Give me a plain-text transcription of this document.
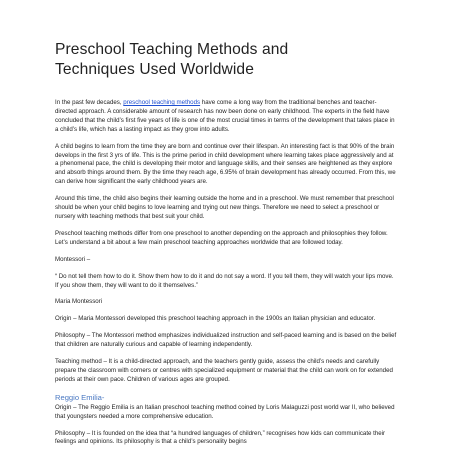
Preschool Teaching Methods and
Techniques Used Worldwide

In the past few decades, preschool teaching methods have come a long way from the traditional benches and teacher-directed approach. A considerable amount of research has now been done on early childhood. The experts in the field have concluded that the child’s first five years of life is one of the most crucial times in terms of the development that takes place in a child’s life, which has a lasting impact as they grow into adults.

A child begins to learn from the time they are born and continue over their lifespan. An interesting fact is that 90% of the brain develops in the first 3 yrs of life. This is the prime period in child development where learning takes place aggressively and at a phenomenal pace, the child is developing their motor and language skills, and their senses are heightened as they explore and absorb things around them. By the time they reach age, 6.95% of brain development has already occurred. From this, we can derive how significant the early childhood years are.

Around this time, the child also begins their learning outside the home and in a preschool. We must remember that preschool should be when your child begins to love learning and trying out new things. Therefore we need to select a preschool or nursery with teaching methods that best suit your child.

Preschool teaching methods differ from one preschool to another depending on the approach and philosophies they follow. Let’s understand a bit about a few main preschool teaching approaches worldwide that are followed today.

Montessori –

“ Do not tell them how to do it. Show them how to do it and do not say a word. If you tell them, they will watch your lips move. If you show them, they will want to do it themselves.”

Maria Montessori

Origin – Maria Montessori developed this preschool teaching approach in the 1900s an Italian physician and educator.

Philosophy – The Montessori method emphasizes individualized instruction and self-paced learning and is based on the belief that children are naturally curious and capable of learning independently.

Teaching method – It is a child-directed approach, and the teachers gently guide, assess the child’s needs and carefully prepare the classroom with corners or centres with specialized equipment or material that the child can work on for extended periods at their own pace. Children of various ages are grouped.

Reggio Emilia-

Origin – The Reggio Emilia is an Italian preschool teaching method coined by Loris Malaguzzi post world war II, who believed that youngsters needed a more comprehensive education.

Philosophy – It is founded on the idea that “a hundred languages of children,” recognises how kids can communicate their feelings and opinions. Its philosophy is that a child’s personality begins
